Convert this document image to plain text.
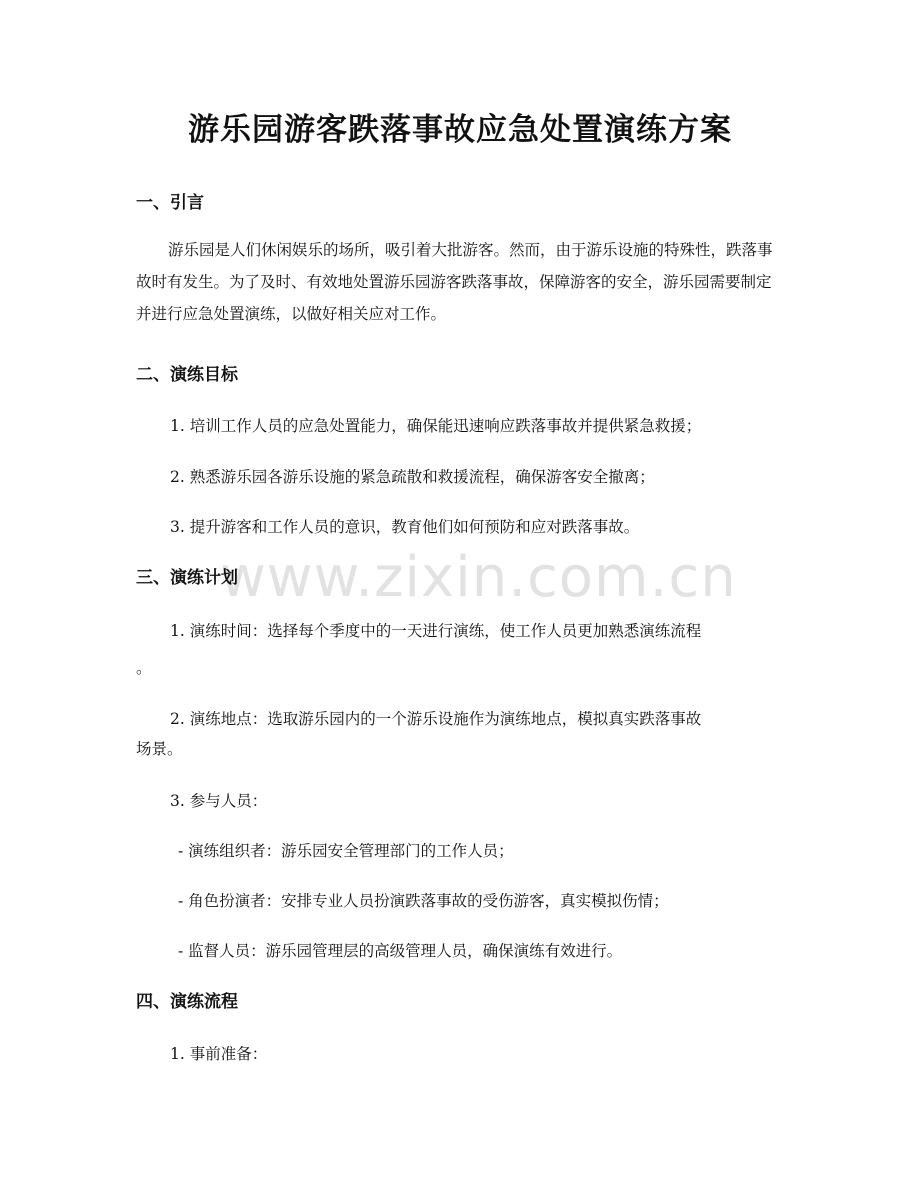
www.zixin.com.cn
游乐园游客跌落事故应急处置演练方案
一、引言
游乐园是人们休闲娱乐的场所，吸引着大批游客。然而，由于游乐设施的特殊性，跌落事故时有发生。为了及时、有效地处置游乐园游客跌落事故，保障游客的安全，游乐园需要制定并进行应急处置演练，以做好相关应对工作。
二、演练目标
1. 培训工作人员的应急处置能力，确保能迅速响应跌落事故并提供紧急救援；
2. 熟悉游乐园各游乐设施的紧急疏散和救援流程，确保游客安全撤离；
3. 提升游客和工作人员的意识，教育他们如何预防和应对跌落事故。
三、演练计划
1. 演练时间：选择每个季度中的一天进行演练，使工作人员更加熟悉演练流程
。
2. 演练地点：选取游乐园内的一个游乐设施作为演练地点，模拟真实跌落事故
场景。
3. 参与人员：
- 演练组织者：游乐园安全管理部门的工作人员；
- 角色扮演者：安排专业人员扮演跌落事故的受伤游客，真实模拟伤情；
- 监督人员：游乐园管理层的高级管理人员，确保演练有效进行。
四、演练流程
1. 事前准备：
